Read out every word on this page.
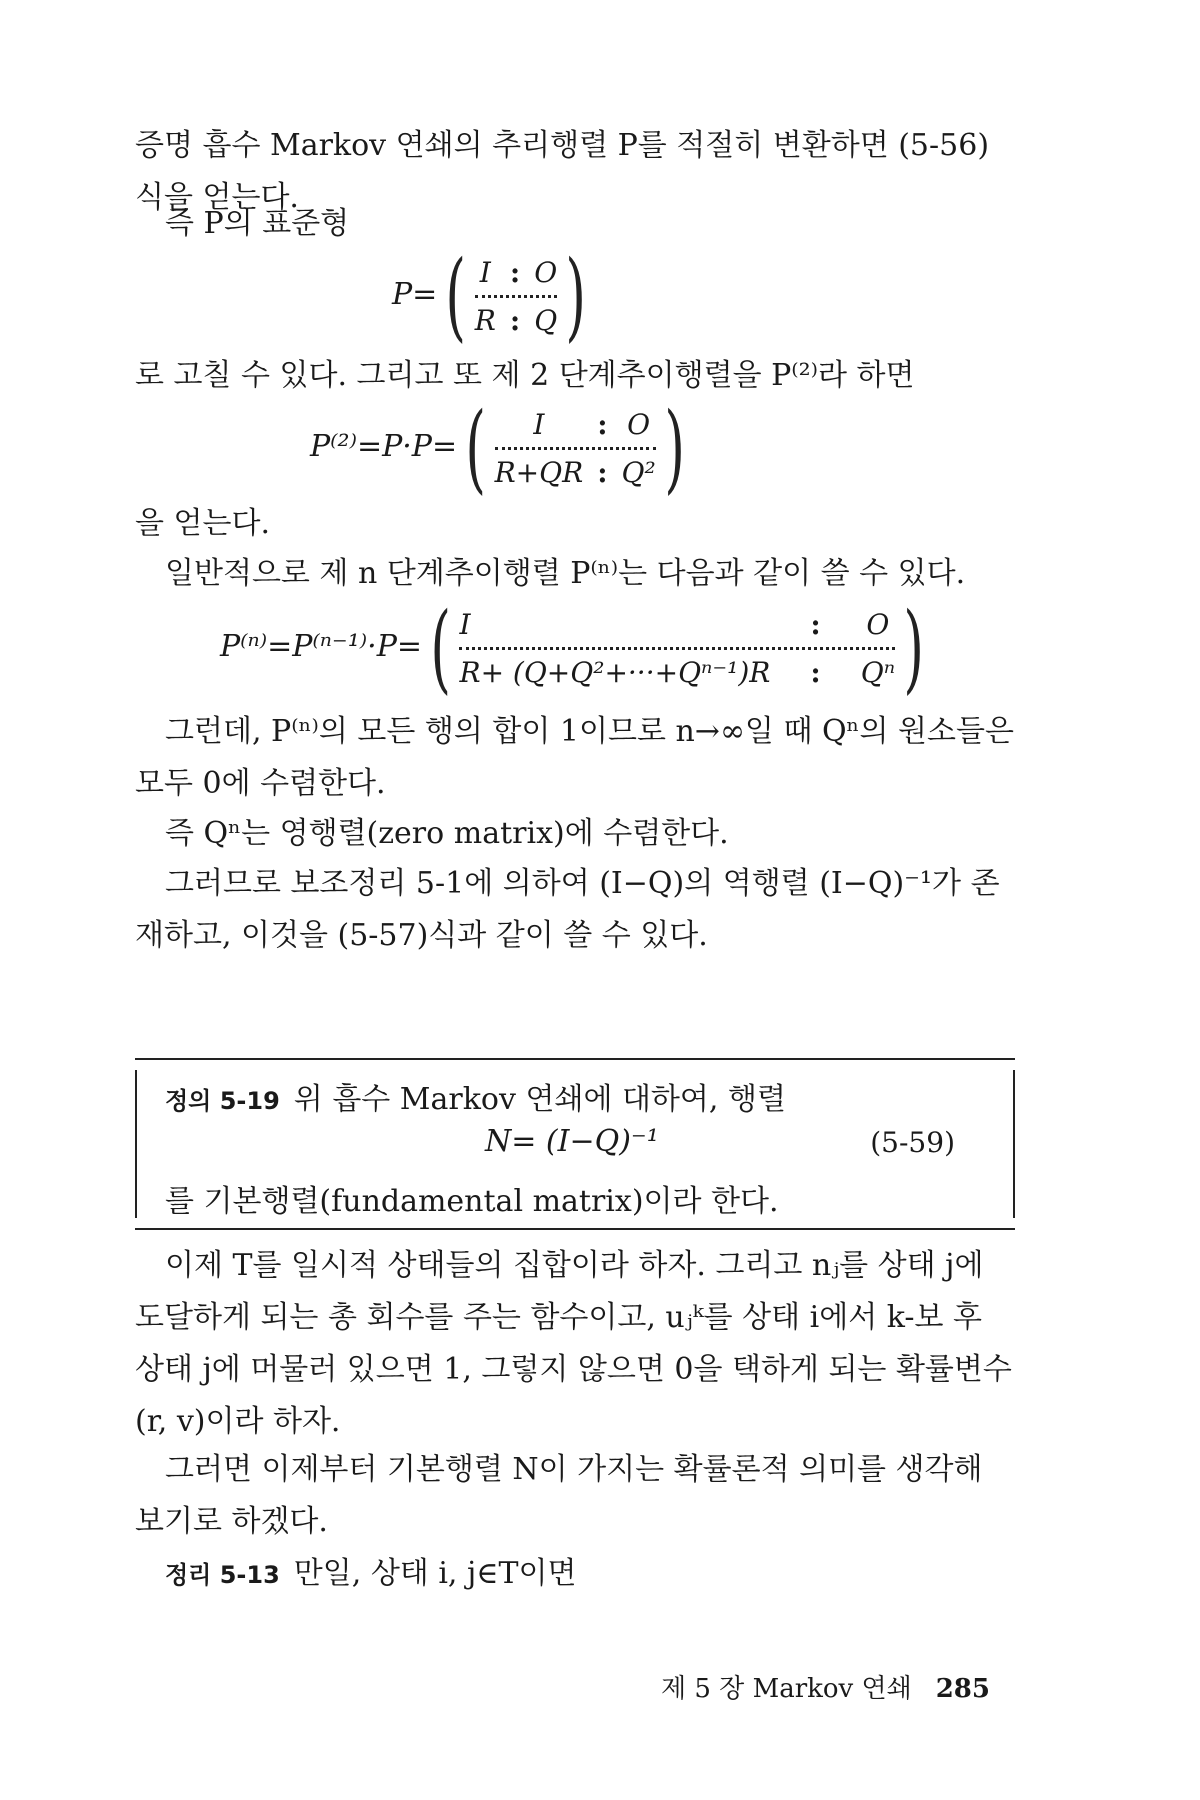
증명 흡수 Markov 연쇄의 추리행렬 P를 적절히 변환하면 (5-56)식을 얻는다.
즉 P의 표준형
P= ( I : O
R : Q )
로 고칠 수 있다. 그리고 또 제 2 단계추이행렬을 P⁽²⁾라 하면
P⁽²⁾=P·P= ( I : O
R+QR : Q² )
을 얻는다.
일반적으로 제 n 단계추이행렬 P⁽ⁿ⁾는 다음과 같이 쓸 수 있다.
P⁽ⁿ⁾=P⁽ⁿ⁻¹⁾·P= ( I	: O
R+ (Q+Q²+···+Qⁿ⁻¹)R : Qⁿ )
그런데, P⁽ⁿ⁾의 모든 행의 합이 1이므로 n→∞일 때 Qⁿ의 원소들은 모두 0에 수렴한다.
즉 Qⁿ는 영행렬(zero matrix)에 수렴한다.
그러므로 보조정리 5-1에 의하여 (I−Q)의 역행렬 (I−Q)⁻¹가 존재하고, 이것을 (5-57)식과 같이 쓸 수 있다.
정의 5-19 위 흡수 Markov 연쇄에 대하여, 행렬
N= (I−Q)⁻¹	(5-59)
를 기본행렬(fundamental matrix)이라 한다.
이제 T를 일시적 상태들의 집합이라 하자. 그리고 nⱼ를 상태 j에 도달하게 되는 총 회수를 주는 함수이고, uⱼᵏ를 상태 i에서 k-보 후 상태 j에 머물러 있으면 1, 그렇지 않으면 0을 택하게 되는 확률변수(r, v)이라 하자.
그러면 이제부터 기본행렬 N이 가지는 확률론적 의미를 생각해 보기로 하겠다.
정리 5-13 만일, 상태 i, j∈T이면
제 5 장 Markov 연쇄 285
